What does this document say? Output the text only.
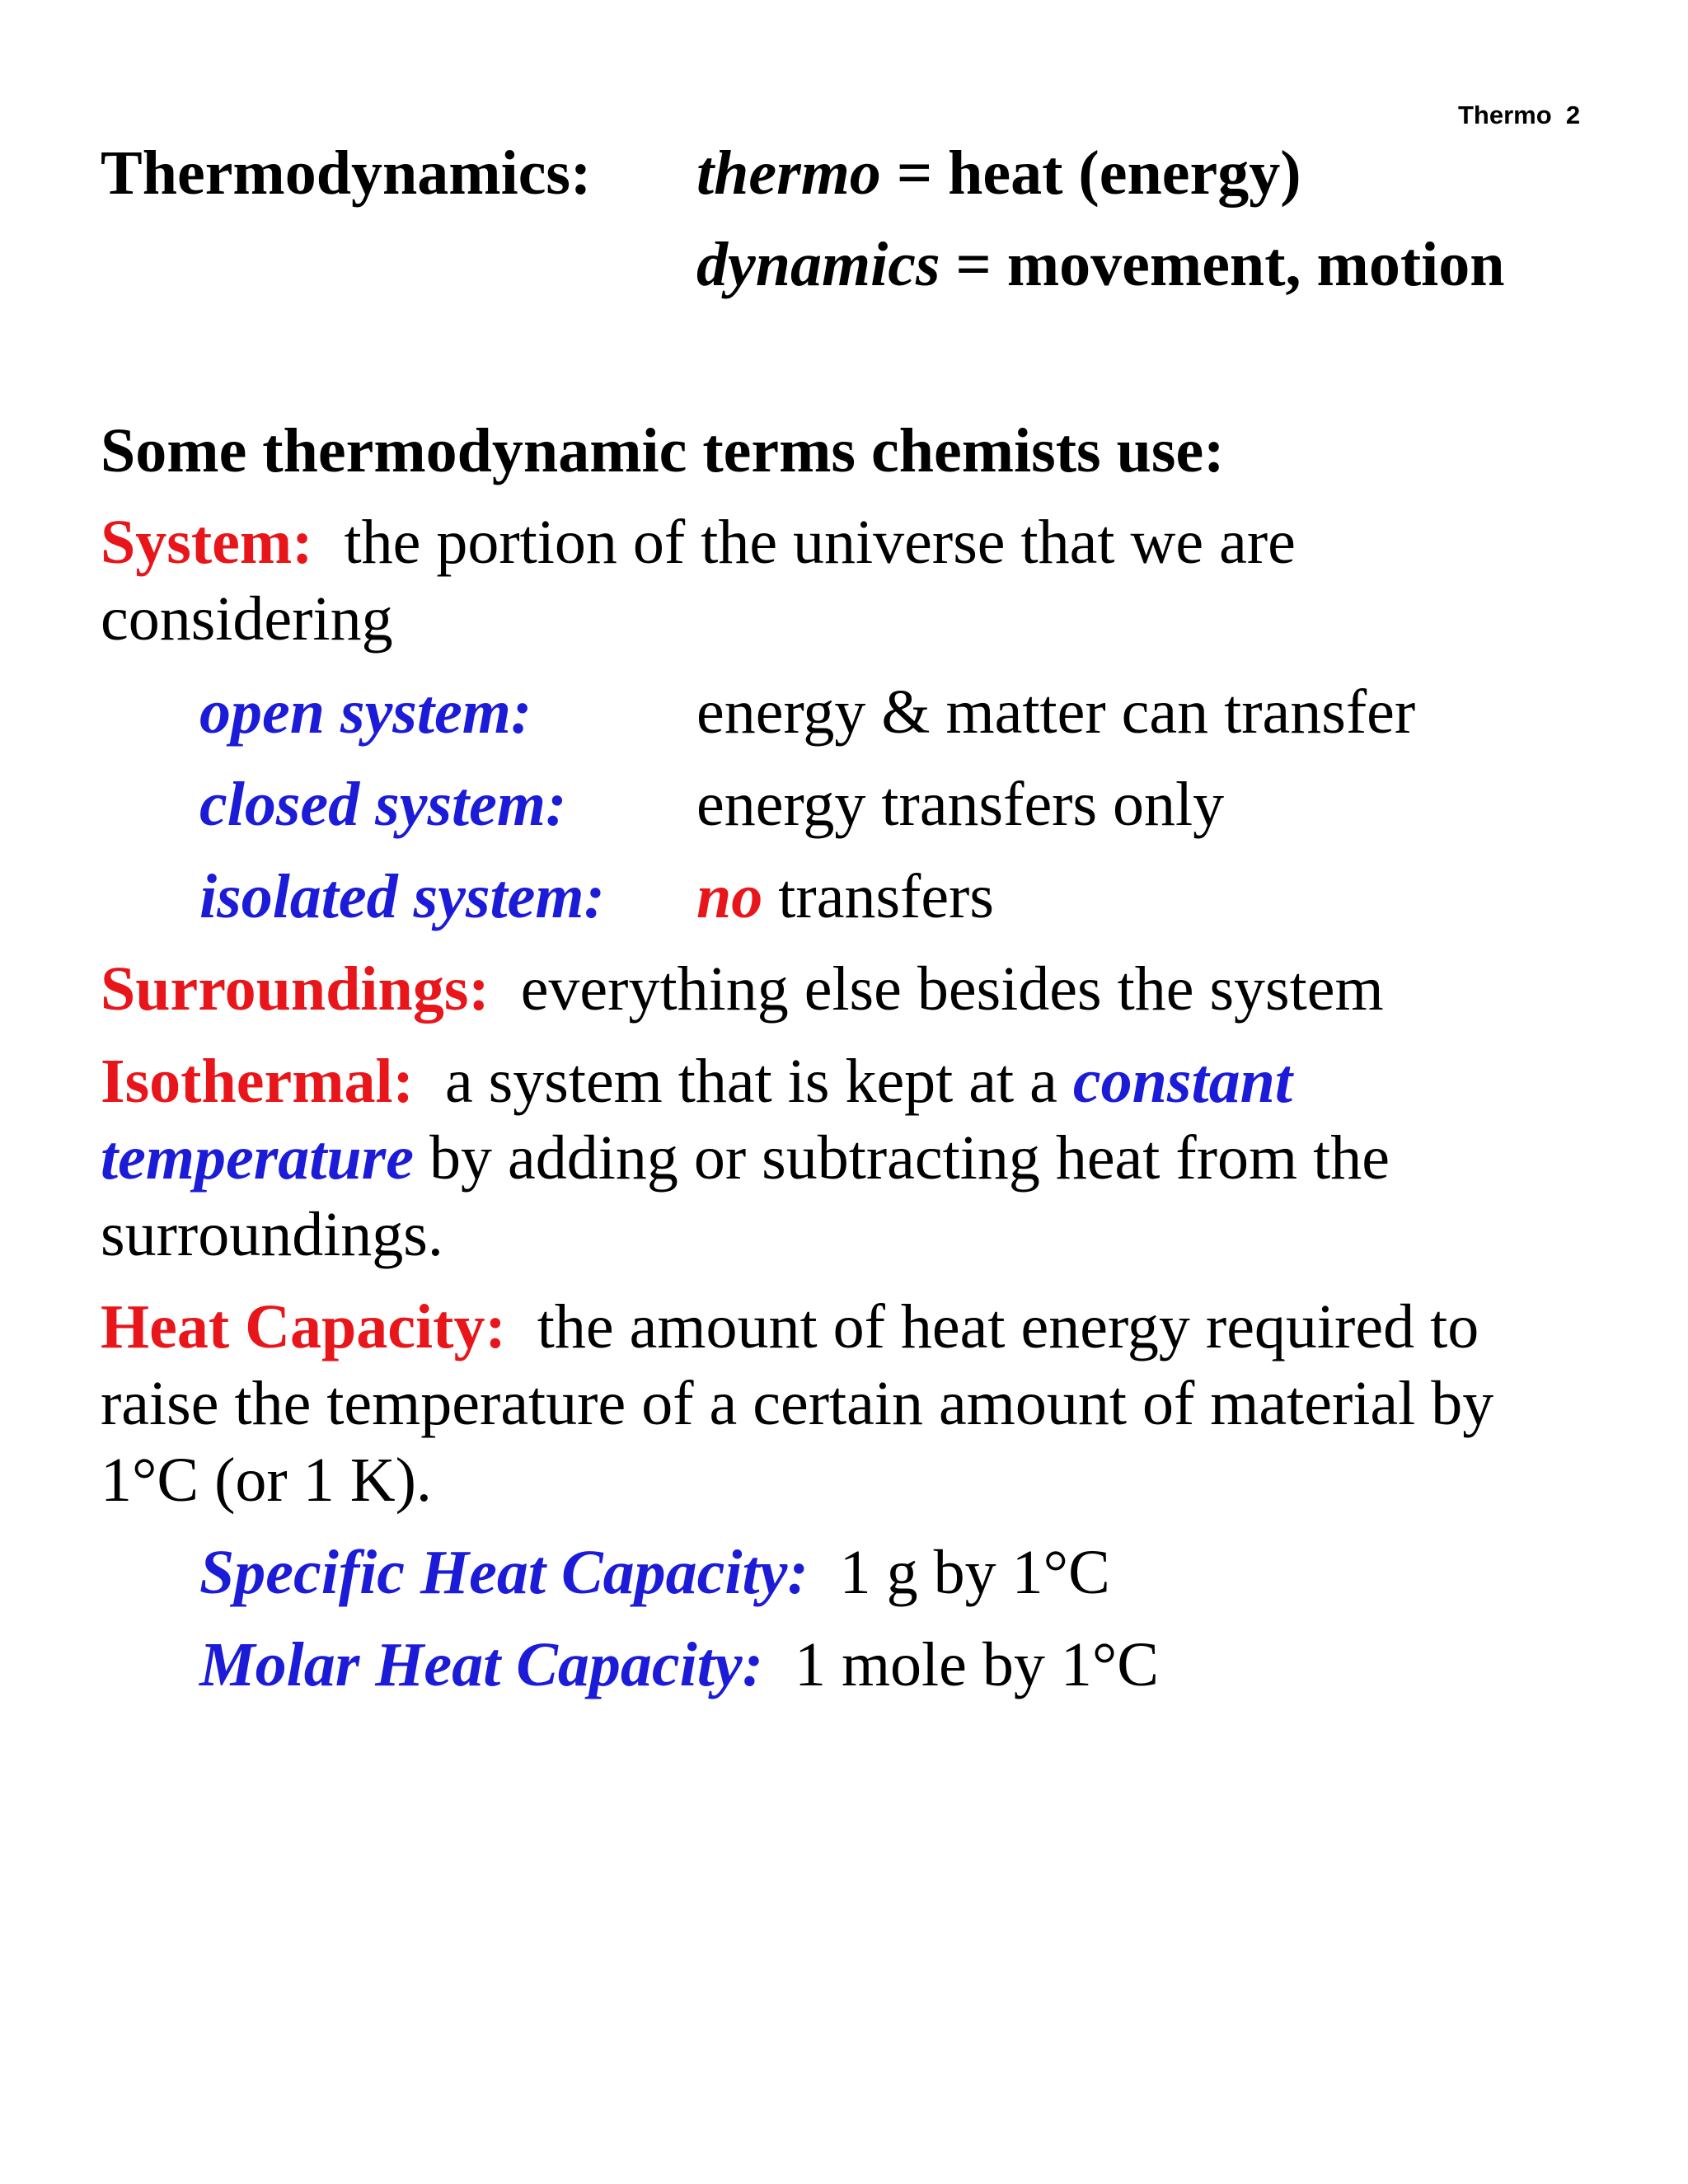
Thermo  2
Thermodynamics: thermo = heat (energy)
dynamics = movement, motion
Some thermodynamic terms chemists use:
System: the portion of the universe that we are
considering
open system:	energy & matter can transfer
closed system: energy transfers only
isolated system: no transfers
Surroundings: everything else besides the system
Isothermal: a system that is kept at a constant
temperature by adding or subtracting heat from the
surroundings.
Heat Capacity: the amount of heat energy required to
raise the temperature of a certain amount of material by
1°C (or 1 K).
Specific Heat Capacity: 1 g by 1°C
Molar Heat Capacity: 1 mole by 1°C
